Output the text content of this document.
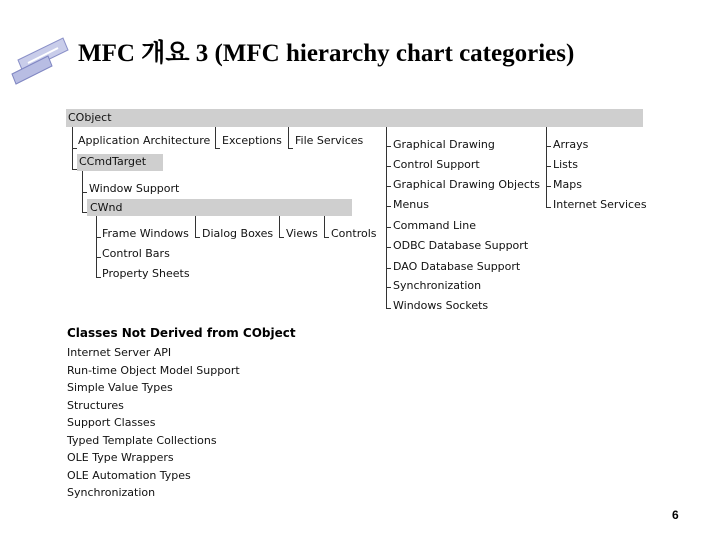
MFC 개요 3 (MFC hierarchy chart categories)
CObject
Application Architecture Exceptions File Services
CCmdTarget
Window Support
CWnd
Frame Windows Dialog Boxes Views Controls
Control Bars
Property Sheets
Graphical Drawing
Control Support
Graphical Drawing Objects
Menus
Command Line
ODBC Database Support
DAO Database Support
Synchronization
Windows Sockets
Arrays
Lists
Maps
Internet Services
Classes Not Derived from CObject
Internet Server API
Run-time Object Model Support
Simple Value Types
Structures
Support Classes
Typed Template Collections
OLE Type Wrappers
OLE Automation Types
Synchronization
6
